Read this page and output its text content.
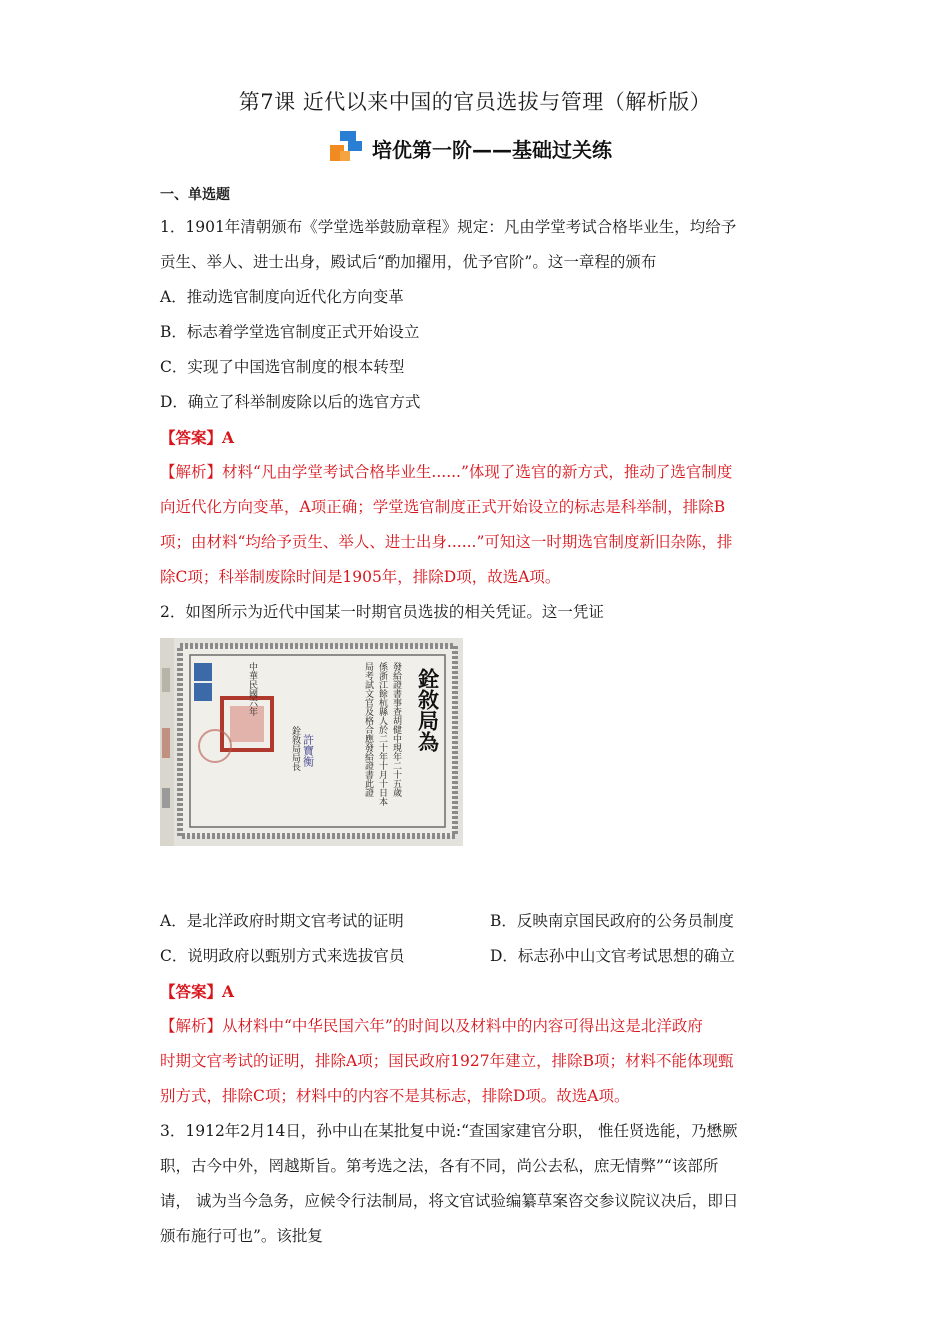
第7课 近代以来中国的官员选拔与管理（解析版）
培优第一阶——基础过关练
一、单选题
1．1901年清朝颁布《学堂选举鼓励章程》规定：凡由学堂考试合格毕业生，均给予
贡生、举人、进士出身，殿试后“酌加擢用，优予官阶”。这一章程的颁布
A．推动选官制度向近代化方向变革
B．标志着学堂选官制度正式开始设立
C．实现了中国选官制度的根本转型
D．确立了科举制废除以后的选官方式
【答案】A
【解析】材料“凡由学堂考试合格毕业生......”体现了选官的新方式，推动了选官制度
向近代化方向变革，A项正确；学堂选官制度正式开始设立的标志是科举制，排除B
项；由材料“均给予贡生、举人、进士出身......”可知这一时期选官制度新旧杂陈，排
除C项；科举制废除时间是1905年，排除D项，故选A项。
2．如图所示为近代中国某一时期官员选拔的相关凭证。这一凭证
中華民國六年
銓敘局局長	局考試文官及格合應發給證書此證 係浙江餘杭縣人於二十年十月十日本 發給證書事查胡健中現年二十五歲
許寶衡	銓敘局為
A．是北洋政府时期文官考试的证明	B．反映南京国民政府的公务员制度
C．说明政府以甄别方式来选拔官员	D．标志孙中山文官考试思想的确立
【答案】A
【解析】从材料中“中华民国六年”的时间以及材料中的内容可得出这是北洋政府
时期文官考试的证明，排除A项；国民政府1927年建立，排除B项；材料不能体现甄
别方式，排除C项；材料中的内容不是其标志，排除D项。故选A项。
3．1912年2月14日，孙中山在某批复中说:“查国家建官分职， 惟任贤选能，乃懋厥
职，古今中外，罔越斯旨。第考选之法，各有不同，尚公去私，庶无情弊”“该部所
请， 诚为当今急务，应候令行法制局，将文官试验编纂草案咨交参议院议决后，即日
颁布施行可也”。该批复
